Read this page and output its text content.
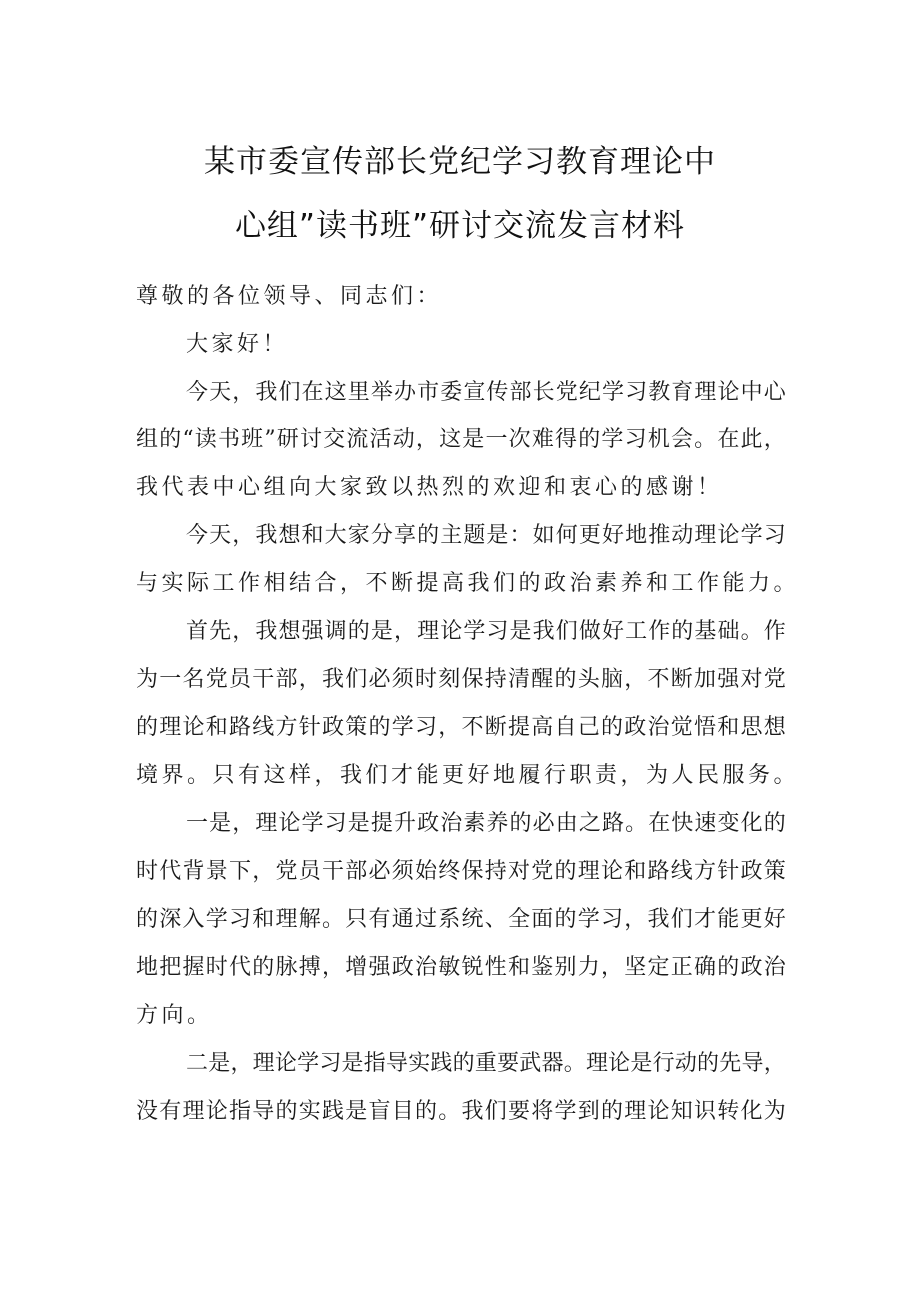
某市委宣传部长党纪学习教育理论中
心组”读书班”研讨交流发言材料
尊敬的各位领导、同志们：
大家好！
今 天 ， 我 们 在 这 里 举 办 市 委 宣 传 部 长 党 纪 学 习 教 育 理 论 中 心
组 的 “ 读 书 班 ” 研 讨 交 流 活 动 ， 这 是 一 次 难 得 的 学 习 机 会 。 在 此 ，
我代表中心组向大家致以热烈的欢迎和衷心的感谢！
今 天 ， 我 想 和 大 家 分 享 的 主 题 是 ： 如 何 更 好 地 推 动 理 论 学 习
与实际工作相结合，不断提高我们的政治素养和工作能力。
首 先 ， 我 想 强 调 的 是 ， 理 论 学 习 是 我 们 做 好 工 作 的 基 础 。 作
为 一 名 党 员 干 部 ， 我 们 必 须 时 刻 保 持 清 醒 的 头 脑 ， 不 断 加 强 对 党
的 理 论 和 路 线 方 针 政 策 的 学 习 ， 不 断 提 高 自 己 的 政 治 觉 悟 和 思 想
境界。只有这样，我们才能更好地履行职责，为人民服务。
一 是 ， 理 论 学 习 是 提 升 政 治 素 养 的 必 由 之 路 。 在 快 速 变 化 的
时 代 背 景 下 ， 党 员 干 部 必 须 始 终 保 持 对 党 的 理 论 和 路 线 方 针 政 策
的 深 入 学 习 和 理 解 。 只 有 通 过 系 统 、 全 面 的 学 习 ， 我 们 才 能 更 好
地 把 握 时 代 的 脉 搏 ， 增 强 政 治 敏 锐 性 和 鉴 别 力 ， 坚 定 正 确 的 政 治
方向。
二 是 ， 理 论 学 习 是 指 导 实 践 的 重 要 武 器 。 理 论 是 行 动 的 先 导 ，
没 有 理 论 指 导 的 实 践 是 盲 目 的 。 我 们 要 将 学 到 的 理 论 知 识 转 化 为
